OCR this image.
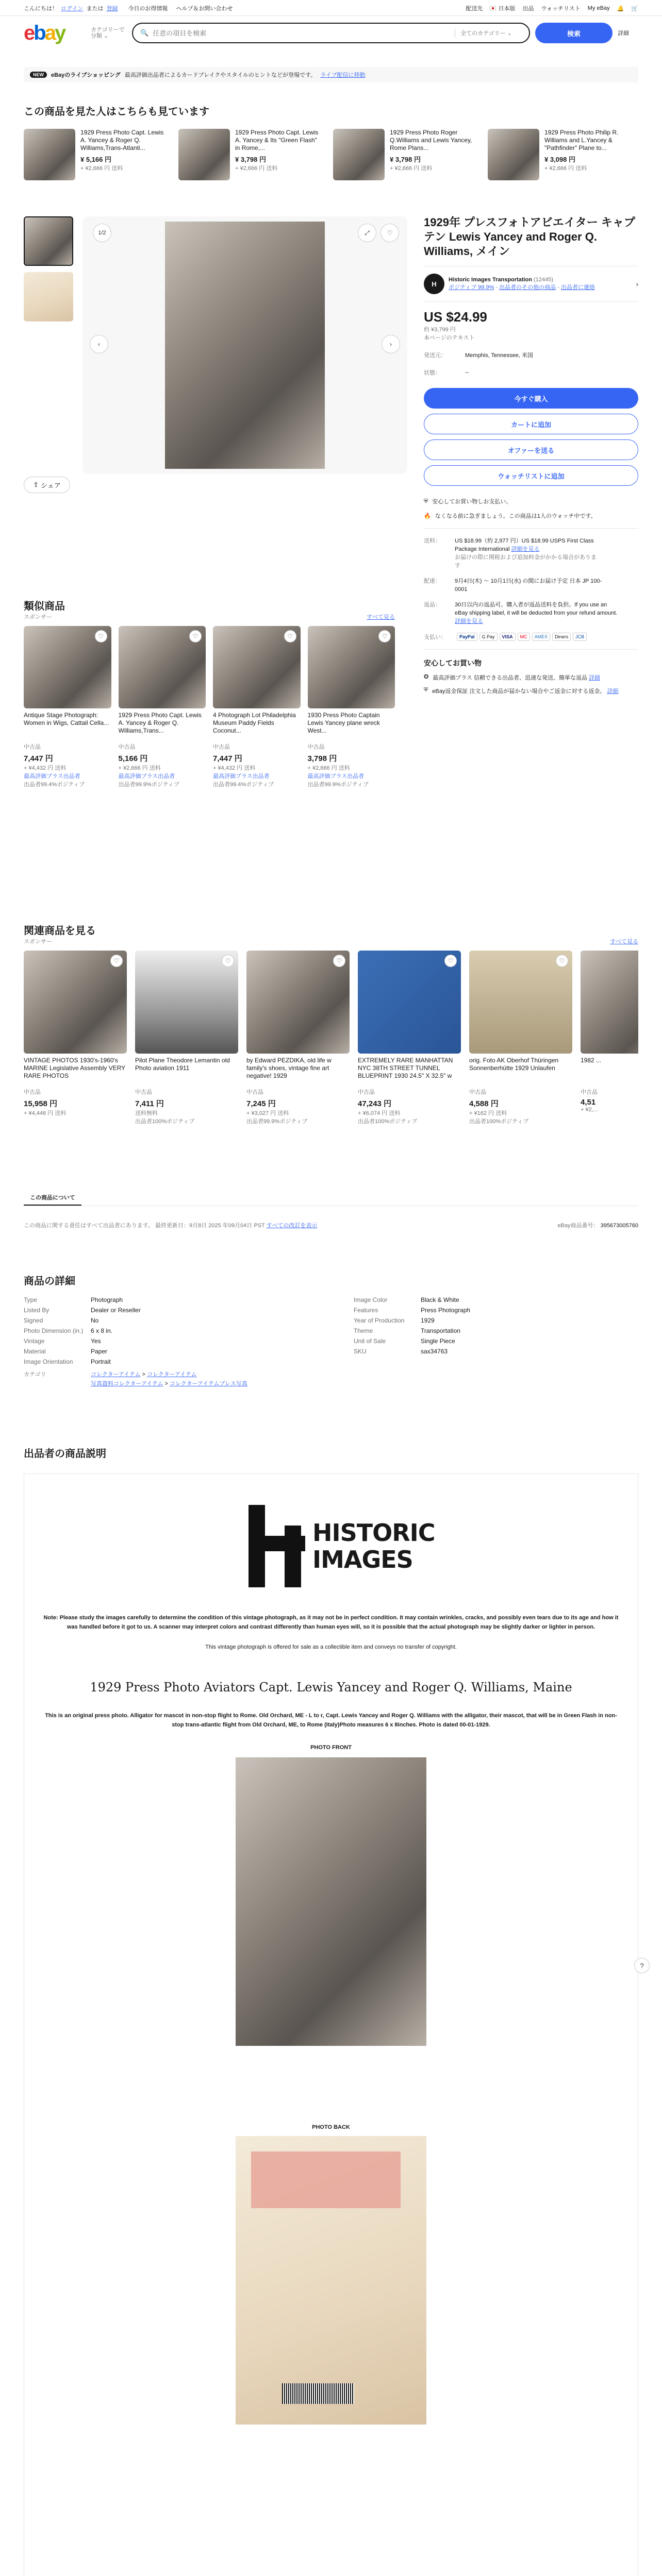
こんにちは！ ログイン または 登録 今日のお得情報 ヘルプ＆お問い合わせ	配送先	日本版 出品 ウォッチリスト My eBay 🔔 🛒
ebay	カテゴリーで分類 ⌄	🔍
任意の項目を検索	全てのカテゴリー ⌄	検索	詳細
NEW	eBayのライブショッピング 最高評価出品者によるカードブレイクやスタイルのヒントなどが登場です。 ライブ配信に移動
この商品を見た人はこちらも見ています
1929 Press Photo Capt. Lewis A. Yancey & Roger Q. Williams,Trans-Atlanti...
¥ 5,166 円
+ ¥2,666 円 送料
1929 Press Photo Capt. Lewis A. Yancey & Its "Green Flash" in Rome,...
¥ 3,798 円
+ ¥2,666 円 送料
1929 Press Photo Roger Q.Williams and Lewis Yancey, Rome Plans...
¥ 3,798 円
+ ¥2,666 円 送料
1929 Press Photo Philip R. Williams and L.Yancey & "Pathfinder" Plane to...
¥ 3,098 円
+ ¥2,666 円 送料
1/2	⤢	♡
‹	›
⇪ シェア
1929年 プレスフォトアビエイター キャプテン Lewis Yancey and Roger Q. Williams, メイン
H
Historic Images Transportation (12445)
ポジティブ 99.9% · 出品者のその他の商品 · 出品者に連絡	›
US $24.99
約 ¥3,799 円
本ページのテキスト
発送元：	Memphis, Tennessee, 米国
状態：	--
今すぐ購入
カートに追加
オファーを送る
ウォッチリストに追加
⛨ 安心してお買い物しお支払い。
🔥 なくなる前に急ぎましょう。この商品は1人のウォッチ中です。
送料：	US $18.99（約 2,977 円）US $18.99 USPS First Class Package International 詳細を見る
お届けの際に関税および追加料金がかかる場合があります
配達：	9月4日(木) 〜 10月1日(水) の間にお届け予定 日本 JP 100-0001
返品：	30日以内の返品可。購入者が返品送料を負担。If you use an eBay shipping label, it will be deducted from your refund amount. 詳細を見る
支払い：	PayPal	G Pay	VISA	MC	AMEX	Diners	JCB
安心してお買い物
✪ 最高評価プラス 信頼できる出品者、迅速な発送、簡単な返品 詳細
⛨ eBay返金保証 注文した商品が届かない場合やご返金に対する返金。 詳細
類似商品
スポンサー	すべて見る
♡
Antique Stage Photograph: Women in Wigs, Cattail Cella...
中古品
7,447 円
+ ¥4,432 円 送料
最高評価プラス出品者
出品者99.4%ポジティブ
♡
1929 Press Photo Capt. Lewis A. Yancey & Roger Q. Williams,Trans...
中古品
5,166 円
+ ¥2,666 円 送料
最高評価プラス出品者
出品者99.9%ポジティブ
♡
4 Photograph Lot Philadelphia Museum Paddy Fields Coconut...
中古品
7,447 円
+ ¥4,432 円 送料
最高評価プラス出品者
出品者99.4%ポジティブ
♡
1930 Press Photo Captain Lewis Yancey plane wreck West...
中古品
3,798 円
+ ¥2,666 円 送料
最高評価プラス出品者
出品者99.9%ポジティブ
関連商品を見る
スポンサー	すべて見る
♡
VINTAGE PHOTOS 1930's-1960's MARINE Legislative Assembly VERY RARE PHOTOS
中古品
15,958 円
+ ¥4,446 円 送料
♡
Pilot Plane Theodore Lemantin old Photo aviation 1911
中古品
7,411 円
送料無料
出品者100%ポジティブ
♡
by Edward PEZDIKA, old life w family's shoes, vintage fine art negative! 1929
中古品
7,245 円
+ ¥3,027 円 送料
出品者99.9%ポジティブ
♡
EXTREMELY RARE MANHATTAN NYC 38TH STREET TUNNEL BLUEPRINT 1930 24.5" X 32.5" w
中古品
47,243 円
+ ¥6,074 円 送料
出品者100%ポジティブ
♡
orig. Foto AK Oberhof Thüringen Sonnenberhütte 1929 Unlaufen
中古品
4,588 円
+ ¥162 円 送料
出品者100%ポジティブ
1982 ...
中古品
4,51
+ ¥2,...
この商品について
この商品に関する責任はすべて出品者にあります。 最終更新日：9月8日 2025 年09月04日 PST すべての改訂を表示	eBay商品番号： 395673005760
商品の詳細
Type	Photograph
Listed By	Dealer or Reseller
Signed	No
Photo Dimension (in.)	6 x 8 in.
Vintage	Yes
Material	Paper
Image Orientation	Portrait
Image Color	Black & White
Features	Press Photograph
Year of Production	1929
Theme	Transportation
Unit of Sale	Single Piece
SKU	sax34763
カテゴリ	コレクターアイテム > コレクターアイテム
写真資料コレクターアイテム > コレクターアイテムプレス写真
出品者の商品説明
HISTORIC
IMAGES
Note: Please study the images carefully to determine the condition of this vintage photograph, as it may not be in perfect condition. It may contain wrinkles, cracks, and possibly even tears due to its age and how it was handled before it got to us. A scanner may interpret colors and contrast differently than human eyes will, so it is possible that the actual photograph may be slightly darker or lighter in person.
This vintage photograph is offered for sale as a collectible item and conveys no transfer of copyright.
1929 Press Photo Aviators Capt. Lewis Yancey and Roger Q. Williams, Maine
This is an original press photo. Alligator for mascot in non-stop flight to Rome. Old Orchard, ME - L to r, Capt. Lewis Yancey and Roger Q. Williams with the alligator, their mascot, that will be in Green Flash in non-stop trans-atlantic flight from Old Orchard, ME, to Rome (Italy)Photo measures 6 x 8inches. Photo is dated 00-01-1929.
PHOTO FRONT
PHOTO BACK
?
